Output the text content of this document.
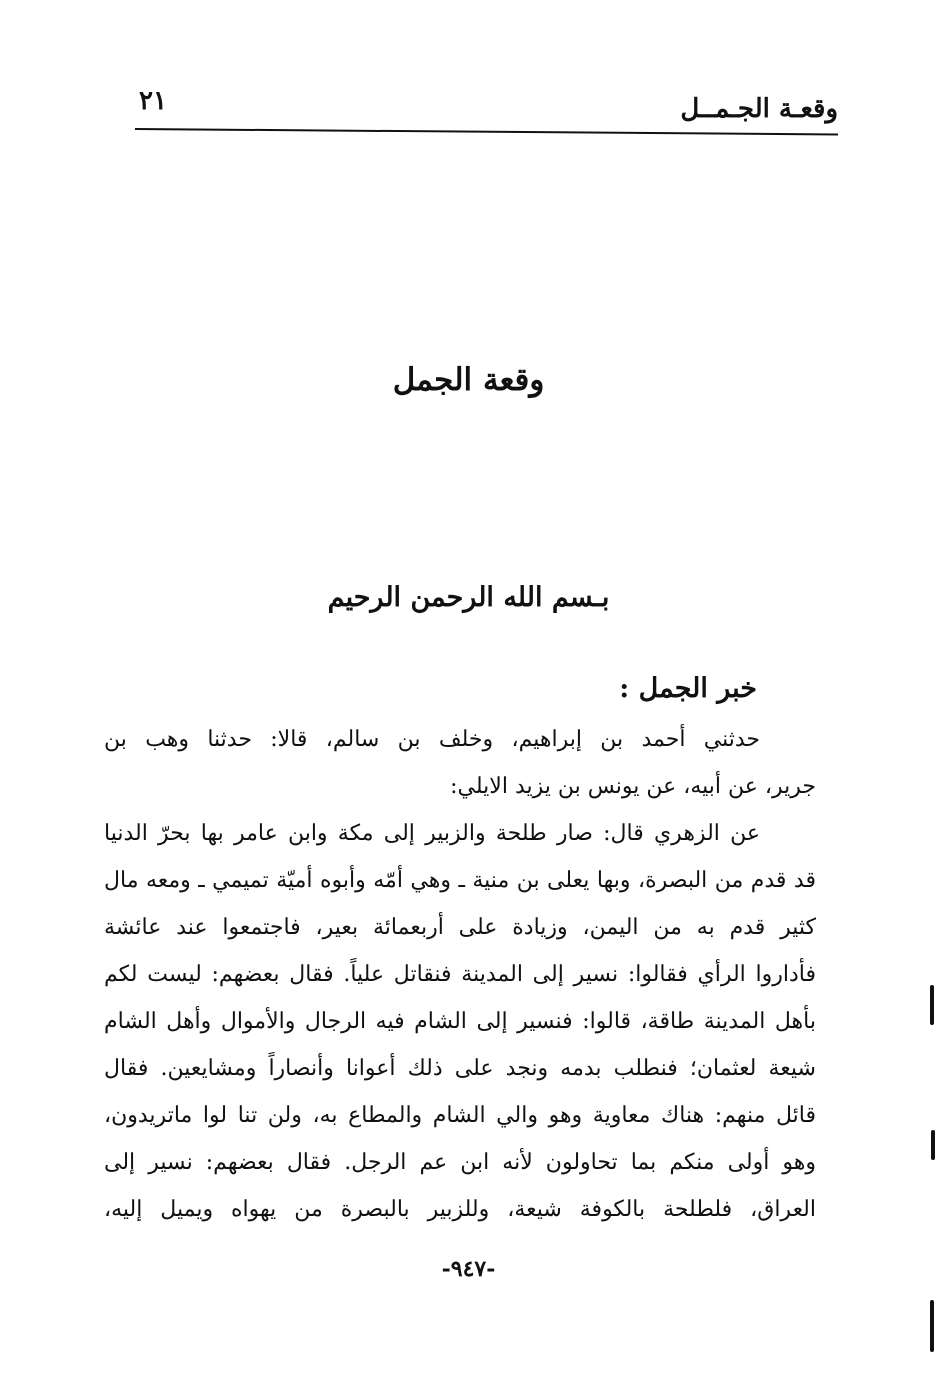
وقعـة الجـمــل
٢١
وقعة الجمل
بـسم الله الرحمن الرحيم
خبر الجمل :
حدثني أحمد بن إبراهيم، وخلف بن سالم، قالا: حدثنا وهب بن
جرير، عن أبيه، عن يونس بن يزيد الايلي:
عن الزهري قال: صار طلحة والزبير إلى مكة وابن عامر بها بحرّ الدنيا
قد قدم من البصرة، وبها يعلى بن منية ـ وهي أمّه وأبوه أميّة تميمي ـ ومعه مال
كثير قدم به من اليمن، وزيادة على أربعمائة بعير، فاجتمعوا عند عائشة
فأداروا الرأي فقالوا: نسير إلى المدينة فنقاتل علياً. فقال بعضهم: ليست لكم
بأهل المدينة طاقة، قالوا: فنسير إلى الشام فيه الرجال والأموال وأهل الشام
شيعة لعثمان؛ فنطلب بدمه ونجد على ذلك أعوانا وأنصاراً ومشايعين. فقال
قائل منهم: هناك معاوية وهو والي الشام والمطاع به، ولن تنا لوا ماتريدون،
وهو أولى منكم بما تحاولون لأنه ابن عم الرجل. فقال بعضهم: نسير إلى
العراق، فلطلحة بالكوفة شيعة، وللزبير بالبصرة من يهواه ويميل إليه،
-٩٤٧-
